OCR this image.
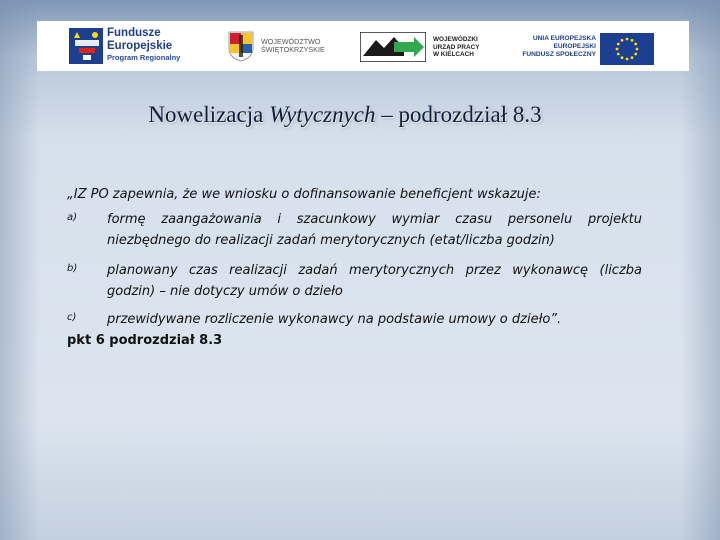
Fundusze
Europejskie
Program Regionalny
WOJEWÓDZTWO
ŚWIĘTOKRZYSKIE
WOJEWÓDZKI
URZĄD PRACY
W KIELCACH
UNIA EUROPEJSKA
EUROPEJSKI
FUNDUSZ SPOŁECZNY
Nowelizacja Wytycznych – podrozdział 8.3

„IZ PO zapewnia, że we wniosku o dofinansowanie beneficjent wskazuje:

a) formę zaangażowania i szacunkowy wymiar czasu personelu projektu niezbędnego do realizacji zadań merytorycznych (etat/liczba godzin)
b) planowany czas realizacji zadań merytorycznych przez wykonawcę (liczba godzin) – nie dotyczy umów o dzieło
c) przewidywane rozliczenie wykonawcy na podstawie umowy o dzieło”.
pkt 6 podrozdział 8.3
